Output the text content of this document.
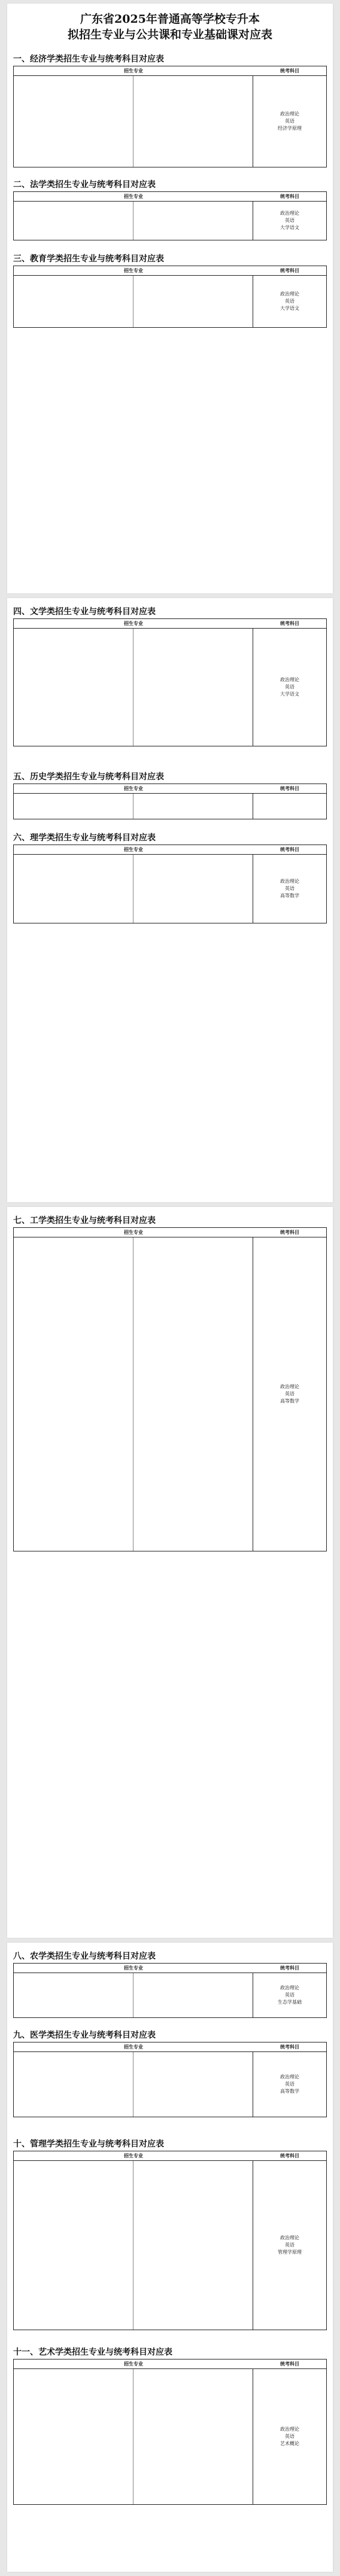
广东省2025年普通高等学校专升本
拟招生专业与公共课和专业基础课对应表
一、经济学类招生专业与统考科目对应表
招生专业	统考科目
政治理论
英语
经济学原理
二、法学类招生专业与统考科目对应表
招生专业	统考科目
政治理论
英语
大学语文
三、教育学类招生专业与统考科目对应表
招生专业	统考科目
政治理论
英语
大学语文
四、文学类招生专业与统考科目对应表
招生专业	统考科目
政治理论
英语
大学语文
五、历史学类招生专业与统考科目对应表
招生专业	统考科目
六、理学类招生专业与统考科目对应表
招生专业	统考科目
政治理论
英语
高等数学
七、工学类招生专业与统考科目对应表
招生专业	统考科目
政治理论
英语
高等数学
八、农学类招生专业与统考科目对应表
招生专业	统考科目
政治理论
英语
生态学基础
九、医学类招生专业与统考科目对应表
招生专业	统考科目
政治理论
英语
高等数学
十、管理学类招生专业与统考科目对应表
招生专业	统考科目
政治理论
英语
管理学原理
十一、艺术学类招生专业与统考科目对应表
招生专业	统考科目
政治理论
英语
艺术概论
